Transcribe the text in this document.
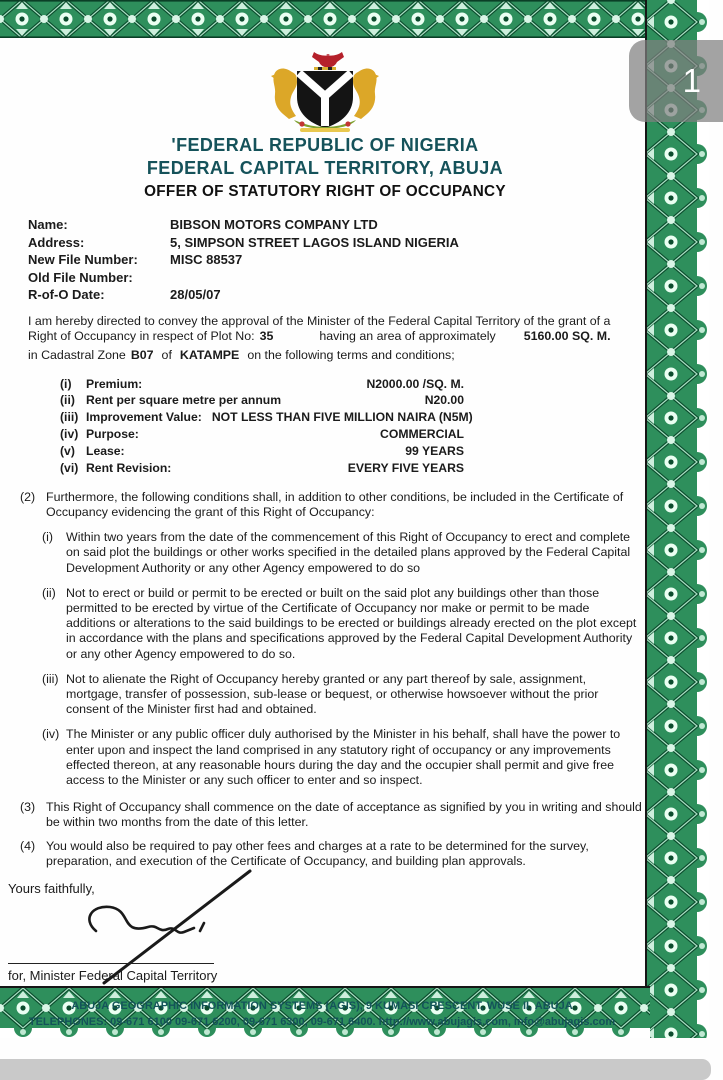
1
'FEDERAL REPUBLIC OF NIGERIA
FEDERAL CAPITAL TERRITORY, ABUJA
OFFER OF STATUTORY RIGHT OF OCCUPANCY
Name:	BIBSON MOTORS COMPANY LTD
Address:	5, SIMPSON STREET LAGOS ISLAND NIGERIA
New File Number:	MISC 88537
Old File Number:
R-of-O Date:	28/05/07
I am hereby directed to convey the approval of the Minister of the Federal Capital Territory of the grant of a
Right of Occupancy in respect of Plot No: 35	having an area of approximately 5160.00 SQ. M.
in Cadastral Zone B07 of KATAMPE on the following terms and conditions;
(i)	Premium:	N2000.00 /SQ. M.
(ii) Rent per square metre per annum	N20.00
(iii) Improvement Value: NOT LESS THAN FIVE MILLION NAIRA (N5M)
(iv) Purpose:	COMMERCIAL
(v) Lease:	99 YEARS
(vi) Rent Revision:	EVERY FIVE YEARS
(2) Furthermore, the following conditions shall, in addition to other conditions, be included in the Certificate of Occupancy evidencing the grant of this Right of Occupancy:
(i)	Within two years from the date of the commencement of this Right of Occupancy to erect and complete on said plot the buildings or other works specified in the detailed plans approved by the Federal Capital Development Authority or any other Agency empowered to do so
(ii) Not to erect or build or permit to be erected or built on the said plot any buildings other than those permitted to be erected by virtue of the Certificate of Occupancy nor make or permit to be made additions or alterations to the said buildings to be erected or buildings already erected on the plot except in accordance with the plans and specifications approved by the Federal Capital Development Authority or any other Agency empowered to do so.
(iii) Not to alienate the Right of Occupancy hereby granted or any part thereof by sale, assignment, mortgage, transfer of possession, sub-lease or bequest, or otherwise howsoever without the prior consent of the Minister first had and obtained.
(iv) The Minister or any public officer duly authorised by the Minister in his behalf, shall have the power to enter upon and inspect the land comprised in any statutory right of occupancy or any improvements effected thereon, at any reasonable hours during the day and the occupier shall permit and give free access to the Minister or any such officer to enter and so inspect.
(3) This Right of Occupancy shall commence on the date of acceptance as signified by you in writing and should be within two months from the date of this letter.
(4) You would also be required to pay other fees and charges at a rate to be determined for the survey, preparation, and execution of the Certificate of Occupancy, and building plan approvals.
Yours faithfully,
for, Minister Federal Capital Territory
ABUJA GEOGRAPHIC INFORMATION SYSTEMS (AGIS), 9 KUMASI CRESCENT, WUSE II, ABUJA
TELEPHONES: 09-671 6100 09-671 6200, 09-671 6300, 09-671 6400. http://www.abujagis.com, info@abujagis.com
